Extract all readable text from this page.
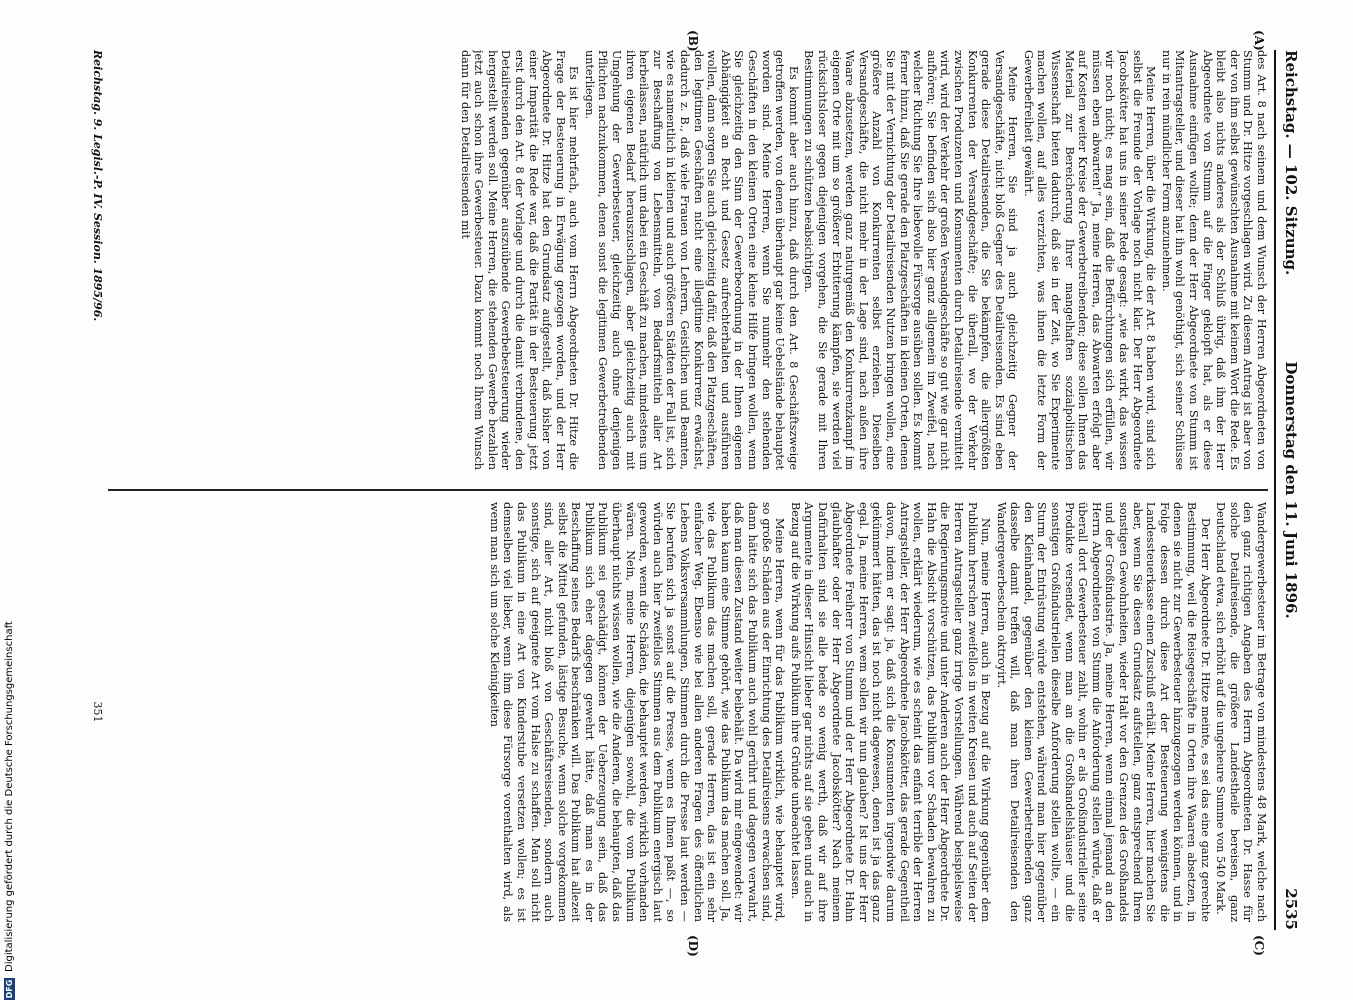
Reichstag. — 102. Sitzung.
Donnerstag den 11. Juni 1896.
2535
(A)
(B)
(C)
(D)

des Art. 8 nach seinem und dem Wunsch der Herren Abgeordneten von Stumm und Dr. Hitze vorgeschlagen wird. Zu diesem Antrag ist aber von der von ihm selbst gewünschten Ausnahme mit keinem Wort die Rede. Es bleibt also nichts anderes als der Schluß übrig, daß ihm der Herr Abgeordnete von Stumm auf die Finger geklopft hat, als er diese Ausnahme einfügen wollte; denn der Herr Abgeordnete von Stumm ist Mitantragsteller, und dieser hat ihn wohl genöthigt, sich seiner Schlüsse nur in rein mündlicher Form anzunehmen.

Meine Herren, über die Wirkung, die der Art. 8 haben wird, sind sich selbst die Freunde der Vorlage noch nicht klar. Der Herr Abgeordnete Jacobskötter hat uns in seiner Rede gesagt: „wie das wirkt, das wissen wir noch nicht; es mag sein, daß die Befürchtungen sich erfüllen, wir müssen eben abwarten!“ Ja, meine Herren, das Abwarten erfolgt aber auf Kosten weiter Kreise der Gewerbetreibenden; diese sollen Ihnen das Material zur Bereicherung Ihrer mangelhaften sozialpolitischen Wissenschaft bieten dadurch, daß sie in der Zeit, wo Sie Experimente machen wollen, auf alles verzichten, was ihnen die letzte Form der Gewerbefreiheit gewährt.

Meine Herren, Sie sind ja auch gleichzeitig Gegner der Versandgeschäfte, nicht bloß Gegner des Detailreisenden. Es sind eben gerade diese Detailreisenden, die Sie bekämpfen, die allergrößten Konkurrenten der Versandgeschäfte; die überall, wo der Verkehr zwischen Produzenten und Konsumenten durch Detailreisende vermittelt wird, wird der Verkehr der großen Versandgeschäfte so gut wie gar nicht aufhören; Sie befinden sich also hier ganz allgemein im Zweifel, nach welcher Richtung Sie Ihre liebevolle Fürsorge ausüben sollen. Es kommt ferner hinzu, daß Sie gerade den Platzgeschäften in kleinen Orten, denen Sie mit der Vernichtung der Detailreisenden Nutzen bringen wollen, eine größere Anzahl von Konkurrenten selbst erziehen. Dieselben Versandgeschäfte, die nicht mehr in der Lage sind, nach außen ihre Waare abzusetzen, werden ganz naturgemäß den Konkurrenzkampf im eigenen Orte mit um so größerer Erbitterung kämpfen, sie werden viel rücksichtsloser gegen diejenigen vorgehen, die Sie gerade mit Ihren Bestimmungen zu schützen beabsichtigen.

Es kommt aber auch hinzu, daß durch den Art. 8 Geschäftszweige getroffen werden, von denen überhaupt gar keine Uebelstände behauptet worden sind. Meine Herren, wenn Sie nunmehr den stehenden Geschäften in den kleinen Orten eine kleine Hilfe bringen wollen, wenn Sie gleichzeitig den Sinn der Gewerbeordnung in der Ihnen eigenen Abhängigkeit an Recht und Gesetz aufrechterhalten und ausführen wollen, dann sorgen Sie auch gleichzeitig dafür, daß den Platzgeschäften, den legitimen Geschäften nicht eine illegitime Konkurrenz erwächst, dadurch z. B., daß viele Frauen von Lehrern, Geistlichen und Beamten, wie es namentlich in kleinen und auch größeren Städten der Fall ist, sich zur Beschaffung von Lebensmitteln, von Bedarfsmitteln aller Art herbeilassen, natürlich um dabei ein Geschäft zu machen, mindestens um ihren eigenen Bedarf herauszuschlagen, aber gleichzeitig auch mit Umgehung der Gewerbesteuer, gleichzeitig auch ohne denjenigen Pflichten nachzukommen, denen sonst die legitimen Gewerbetreibenden unterliegen.

Es ist hier mehrfach, auch vom Herrn Abgeordneten Dr. Hitze die Frage der Besteuerung in Erwägung gezogen worden, und der Herr Abgeordnete Dr. Hitze hat den Grundsatz aufgestellt, daß bisher von einer Imparität die Rede war, daß die Parität in der Besteuerung jetzt erst durch den Art. 8 der Vorlage und durch die damit verbundene, den Detailreisenden gegenüber auszuübende Gewerbebesteuerung wieder hergestellt werden soll. Meine Herren, die stehenden Gewerbe bezahlen jetzt auch schon ihre Gewerbesteuer. Dazu kommt noch Ihrem Wunsch dann für den Detailreisenden mit

Wandergewerbesteuer im Betrage von mindestens 48 Mark, welche nach den ganz richtigen Angaben des Herrn Abgeordneten Dr. Hasse für solche Detailreisende, die größere Landestheile bereisen, ganz Deutschland etwa, sich erhöht auf die ungeheure Summe von 540 Mark.

Der Herr Abgeordnete Dr. Hitze meinte, es sei das eine ganz gerechte Bestimmung, weil die Reisegeschäfte in Orten ihre Waaren absetzen, in denen sie nicht zur Gewerbesteuer hinzugezogen werden können, und in Folge dessen durch diese Art der Besteuerung wenigstens die Landessteuerkasse einen Zuschuß erhält. Meine Herren, hier machen Sie aber, wenn Sie diesen Grundsatz aufstellen, ganz entsprechend Ihren sonstigen Gewohnheiten, wieder Halt vor den Grenzen des Großhandels und der Großindustrie. Ja, meine Herren, wenn einmal jemand an den Herrn Abgeordneten von Stumm die Anforderung stellen würde, daß er überall dort Gewerbesteuer zahlt, wohin er als Großindustrieller seine Produkte versendet, wenn man an die Großhandelshäuser und die sonstigen Großindustriellen dieselbe Anforderung stellen wollte, — ein Sturm der Entrüstung würde entstehen, während man hier gegenüber den Kleinhandel, gegenüber den kleinen Gewerbetreibenden ganz dasselbe damit treffen will, daß man ihren Detailreisenden den Wandergewerbeschein oktroyirt.

Nun, meine Herren, auch in Bezug auf die Wirkung gegenüber dem Publikum herrschen zweifellos in weiten Kreisen und auch auf Seiten der Herren Antragsteller ganz irrige Vorstellungen. Während beispielsweise die Regierungsmotive und unter Anderen auch der Herr Abgeordnete Dr. Hahn die Absicht vorschützen, das Publikum vor Schaden bewahren zu wollen, erklärt wiederum, wie es scheint das enfant terrible der Herren Antragsteller, der Herr Abgeordnete Jacobskötter, das gerade Gegentheil davon, indem er sagt: ja, daß sich die Konsumenten irgendwie darum gekümmert hätten, das ist noch nicht dagewesen, denen ist ja das ganz egal. Ja, meine Herren, wem sollen wir nun glauben? Ist uns der Herr Abgeordnete Freiherr von Stumm und der Herr Abgeordnete Dr. Hahn glaubhafter oder der Herr Abgeordnete Jacobskötter? Nach meinem Dafürhalten sind sie alle beide so wenig werth, daß wir auf ihre Argumente in dieser Hinsicht lieber gar nichts auf sie geben und auch in Bezug auf die Wirkung aufs Publikum ihre Gründe unbeachtet lassen.

Meine Herren, wenn für das Publikum wirklich, wie behauptet wird, so große Schäden aus der Einrichtung des Detailreisens erwachsen sind, dann hätte sich das Publikum auch wohl gerührt und dagegen verwahrt, daß man diesen Zustand weiter beibehält. Da wird mir eingewendet: wir haben kaum eine Stimme gehört, wie das Publikum das machen soll. Ja, wie das Publikum das machen soll, gerade Herren, das ist ein sehr einfacher Weg. Ebenso wie bei allen anderen Fragen des öffentlichen Lebens Volksversammlungen, Stimmen durch die Presse laut werden — Sie berufen sich ja sonst auf die Presse, wenn es Ihnen paßt —, so würden auch hier zweifellos Stimmen aus dem Publikum energisch laut geworden, wenn die Schäden, die behauptet werden, wirklich vorhanden wären. Nein, meine Herren, diejenigen sowohl, die vom Publikum überhaupt nichts wissen wollen, wie die Anderen, die behaupten, daß das Publikum sei geschädigt, können der Ueberzeugung sein, daß das Publikum sich eher dagegen gewehrt hätte, daß man es in der Beschaffung seines Bedarfs beschränken will. Das Publikum hat allezeit selbst die Mittel gefunden, lästige Besuche, wenn solche vorgekommen sind, aller Art, nicht bloß von Geschäftsreisenden, sondern auch sonstige, sich auf geeignete Art vom Halse zu schaffen. Man soll nicht das Publikum in eine Art von Kinderstube versetzen wollen; es ist demselben viel lieber, wenn ihm diese Fürsorge vorenthalten wird, als wenn man sich um solche Kleinigkeiten

Reichstag. 9. Legisl.-P. IV. Session. 1895/96.
351
DFG
Digitalisierung gefördert durch die Deutsche Forschungsgemeinschaft
